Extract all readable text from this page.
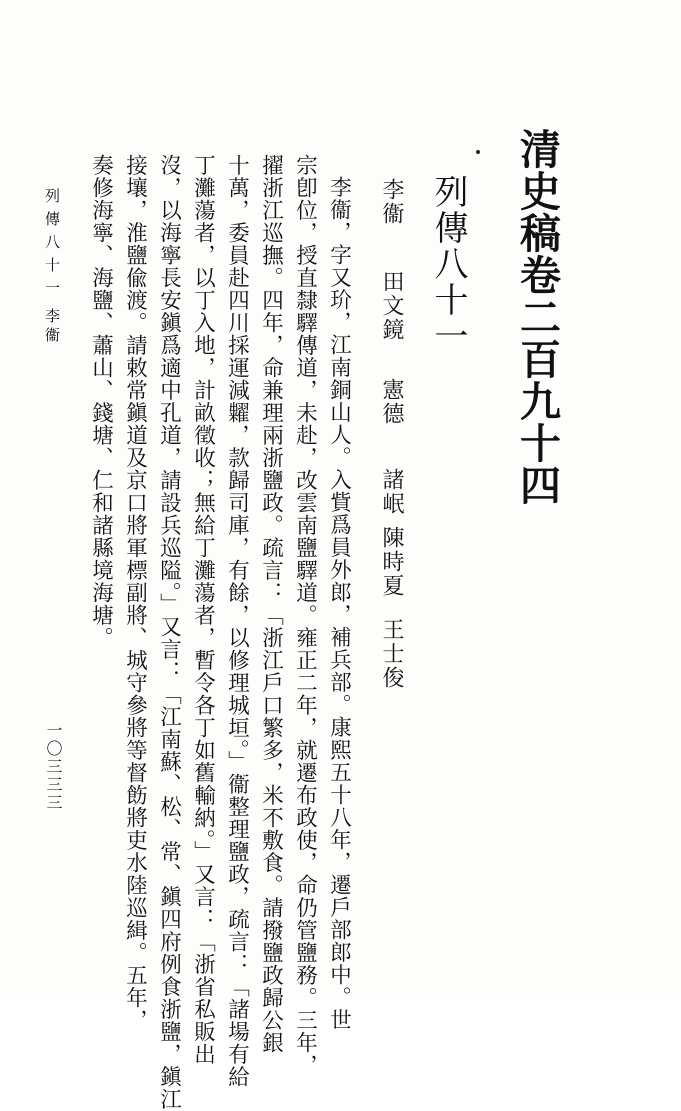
清史稿卷二百九十四
列傳八十一
李衞
田文鏡
憲德
諸岷
陳時夏
王士俊
李衞，字又玠，江南銅山人。入貲爲員外郎，補兵部。康熙五十八年，遷戶部郎中。世
宗卽位，授直隸驛傳道，未赴，改雲南鹽驛道。雍正二年，就遷布政使，命仍管鹽務。三年，
擢浙江巡撫。四年，命兼理兩浙鹽政。疏言：「浙江戶口繁多，米不敷食。請撥鹽政歸公銀
十萬，委員赴四川採運減糶，款歸司庫，有餘，以修理城垣。」衞整理鹽政，疏言：「諸場有給
丁灘蕩者，以丁入地，計畝徵收；無給丁灘蕩者，暫令各丁如舊輸納。」又言：「浙省私販出
沒，以海寧長安鎭爲適中孔道，請設兵巡隘。」又言：「江南蘇、松、常、鎭四府例食浙鹽，鎭江
接壤，淮鹽偸渡。請敕常鎭道及京口將軍標副將、城守參將等督飭將吏水陸巡緝。五年，
奏修海寧、海鹽、蕭山、錢塘、仁和諸縣境海塘。
列傳八十一
李衞
一〇三三三
